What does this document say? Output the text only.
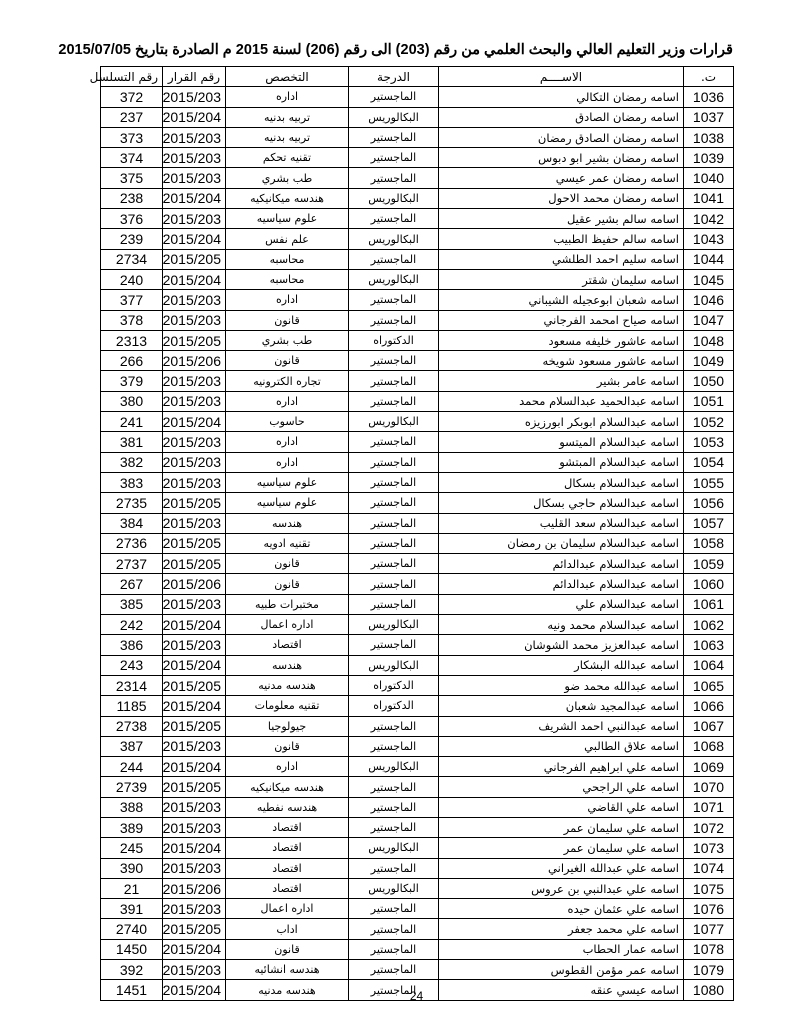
قرارات وزير التعليم العالي والبحث العلمي من رقم (203) الى رقم (206) لسنة 2015 م الصادرة بتاريخ 2015/07/05
ت.	الاســــم	الدرجة	التخصص	رقم القرار	رقم التسلسل
1036	اسامه رمضان التكالي	الماجستير	اداره	2015/203	372
1037	اسامه رمضان الصادق	البكالوريس	تربيه بدنيه	2015/204	237
1038	اسامه رمضان الصادق رمضان	الماجستير	تربيه بدنيه	2015/203	373
1039	اسامه رمضان بشير ابو دبوس	الماجستير	تقنيه تحكم	2015/203	374
1040	اسامه رمضان عمر عيسي	الماجستير	طب بشري	2015/203	375
1041	اسامه رمضان محمد الاحول	البكالوريس	هندسه ميكانيكيه	2015/204	238
1042	اسامه سالم بشير عقيل	الماجستير	علوم سياسيه	2015/203	376
1043	اسامه سالم حفيظ الطبيب	البكالوريس	علم نفس	2015/204	239
1044	اسامه سليم احمد الطلشي	الماجستير	محاسبه	2015/205	2734
1045	اسامه سليمان شقتر	البكالوريس	محاسبه	2015/204	240
1046	اسامه شعبان ابوعجيله الشيباني	الماجستير	اداره	2015/203	377
1047	اسامه صياح امحمد الفرجاني	الماجستير	قانون	2015/203	378
1048	اسامه عاشور خليفه مسعود	الدكتوراه	طب بشري	2015/205	2313
1049	اسامه عاشور مسعود شويخه	الماجستير	قانون	2015/206	266
1050	اسامه عامر بشير	الماجستير	تجاره الكترونيه	2015/203	379
1051	اسامه عبدالحميد عبدالسلام محمد	الماجستير	اداره	2015/203	380
1052	اسامه عبدالسلام ابوبكر ابورزيزه	البكالوريس	حاسوب	2015/204	241
1053	اسامه عبدالسلام الميتسو	الماجستير	اداره	2015/203	381
1054	اسامه عبدالسلام المبتشو	الماجستير	اداره	2015/203	382
1055	اسامه عبدالسلام بسكال	الماجستير	علوم سياسيه	2015/203	383
1056	اسامه عبدالسلام حاجي بسكال	الماجستير	علوم سياسيه	2015/205	2735
1057	اسامه عبدالسلام سعد القليب	الماجستير	هندسه	2015/203	384
1058	اسامه عبدالسلام سليمان بن رمضان	الماجستير	تقنيه ادويه	2015/205	2736
1059	اسامه عبدالسلام عبدالدائم	الماجستير	قانون	2015/205	2737
1060	اسامه عبدالسلام عبدالدائم	الماجستير	قانون	2015/206	267
1061	اسامه عبدالسلام علي	الماجستير	مختبرات طبيه	2015/203	385
1062	اسامه عبدالسلام محمد ونيه	البكالوريس	اداره اعمال	2015/204	242
1063	اسامه عبدالعزيز محمد الشوشان	الماجستير	اقتصاد	2015/203	386
1064	اسامه عبدالله البشكار	البكالوريس	هندسه	2015/204	243
1065	اسامه عبدالله محمد ضو	الدكتوراه	هندسه مدنيه	2015/205	2314
1066	اسامه عبدالمجيد شعبان	الدكتوراه	تقنيه معلومات	2015/204	1185
1067	اسامه عبدالنبي احمد الشريف	الماجستير	جيولوجيا	2015/205	2738
1068	اسامه علاق الطالبي	الماجستير	قانون	2015/203	387
1069	اسامه علي ابراهيم الفرجاني	البكالوريس	اداره	2015/204	244
1070	اسامه علي الراجحي	الماجستير	هندسه ميكانيكيه	2015/205	2739
1071	اسامه علي القاضي	الماجستير	هندسه نفطيه	2015/203	388
1072	اسامه علي سليمان عمر	الماجستير	اقتصاد	2015/203	389
1073	اسامه علي سليمان عمر	البكالوريس	اقتصاد	2015/204	245
1074	اسامه علي عبدالله الغيراني	الماجستير	اقتصاد	2015/203	390
1075	اسامه علي عبدالنبي بن عروس	البكالوريس	اقتصاد	2015/206	21
1076	اسامه علي عثمان حيده	الماجستير	اداره اعمال	2015/203	391
1077	اسامه علي محمد جعفر	الماجستير	اداب	2015/205	2740
1078	اسامه عمار الحطاب	الماجستير	قانون	2015/204	1450
1079	اسامه عمر مؤمن القطوس	الماجستير	هندسه انشائيه	2015/203	392
1080	اسامه عيسي عنقه	الماجستير	هندسه مدنيه	2015/204	1451	24
